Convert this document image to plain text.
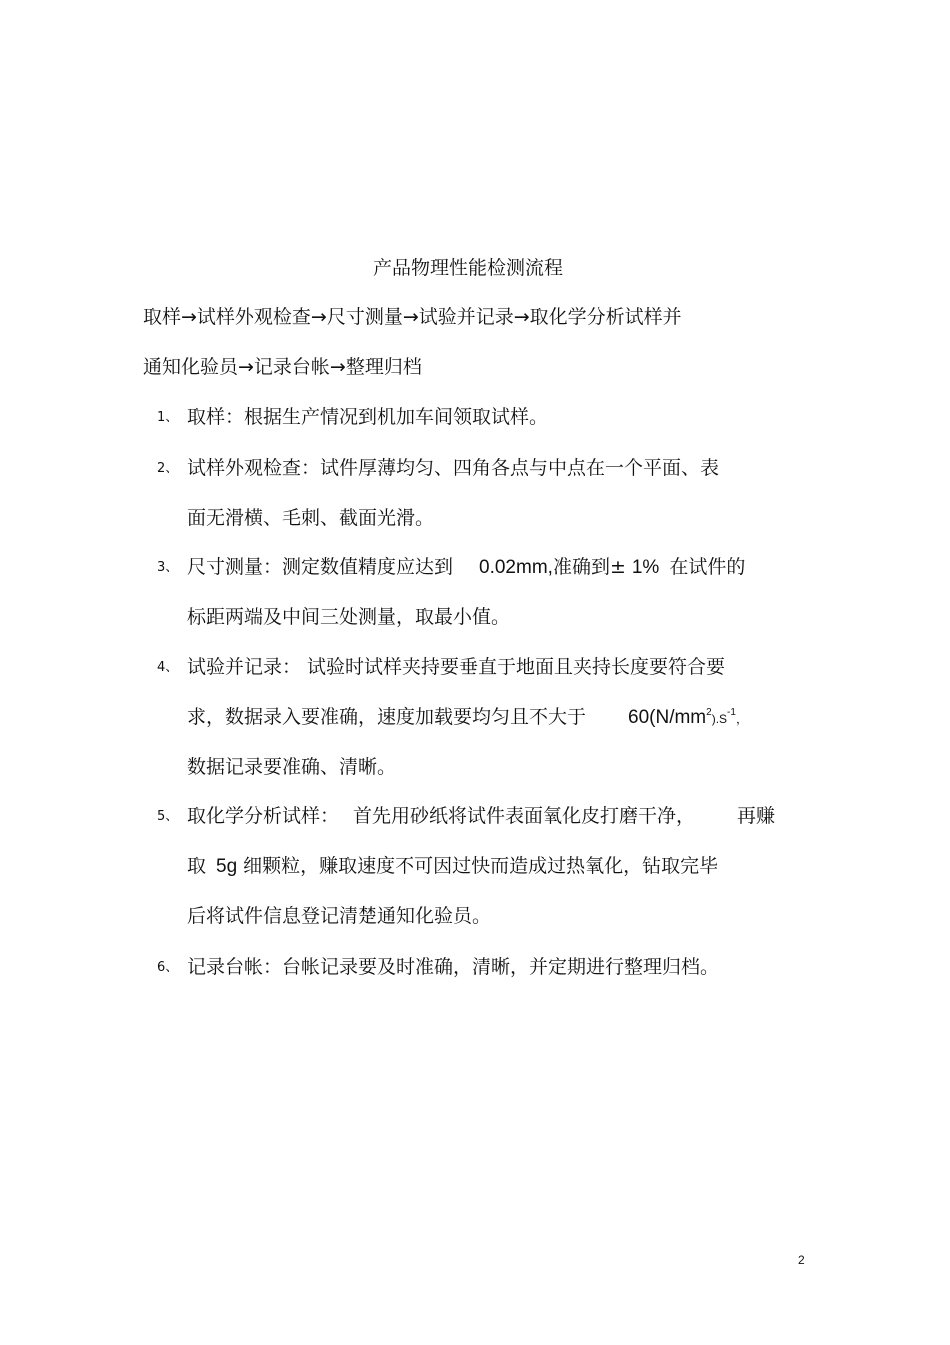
产品物理性能检测流程
取样→试样外观检查→尺寸测量→试验并记录→取化学分析试样并
通知化验员→记录台帐→整理归档
1、 取样：根据生产情况到机加车间领取试样。
2、 试样外观检查：试件厚薄均匀、四角各点与中点在一个平面、表
面无滑横、毛刺、截面光滑。
3、 尺寸测量：测定数值精度应达到 0.02mm,准确到± 1% 在试件的
标距两端及中间三处测量，取最小值。
4、 试验并记录： 试验时试样夹持要垂直于地面且夹持长度要符合要
求，数据录入要准确，速度加载要均匀且不大于 $60(N/mm^2).S^{-1}$，
数据记录要准确、清晰。
5、 取化学分析试样： 首先用砂纸将试件表面氧化皮打磨干净， 再赚
取 5g 细颗粒，赚取速度不可因过快而造成过热氧化，钻取完毕
后将试件信息登记清楚通知化验员。
6、 记录台帐：台帐记录要及时准确，清晰，并定期进行整理归档。
2
